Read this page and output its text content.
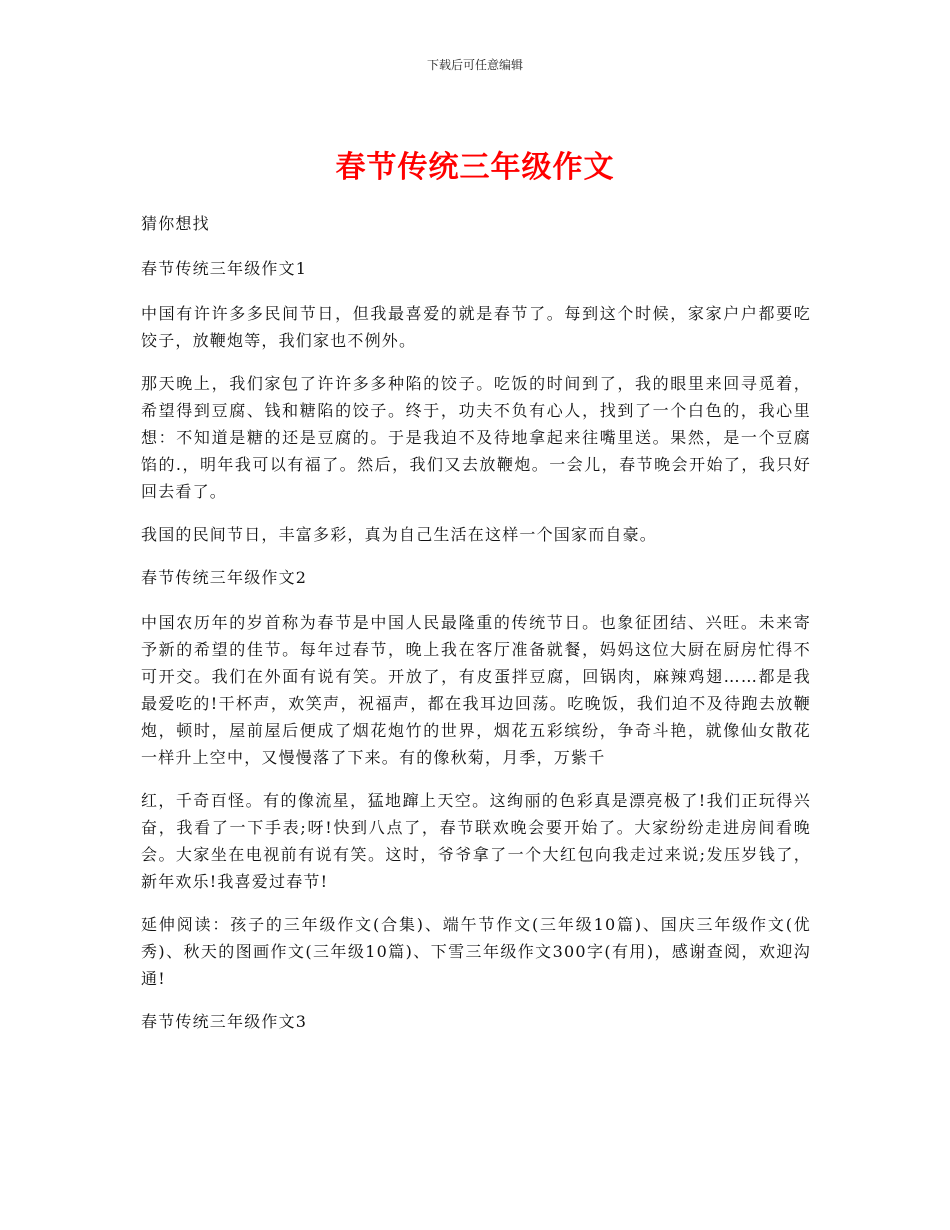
下载后可任意编辑
春节传统三年级作文

猜你想找

春节传统三年级作文1

中国有许许多多民间节日，但我最喜爱的就是春节了。每到这个时候，家家户户都要吃饺子，放鞭炮等，我们家也不例外。

那天晚上，我们家包了许许多多种陷的饺子。吃饭的时间到了，我的眼里来回寻觅着，希望得到豆腐、钱和糖陷的饺子。终于，功夫不负有心人，找到了一个白色的，我心里想：不知道是糖的还是豆腐的。于是我迫不及待地拿起来往嘴里送。果然，是一个豆腐馅的.，明年我可以有福了。然后，我们又去放鞭炮。一会儿，春节晚会开始了，我只好回去看了。

我国的民间节日，丰富多彩，真为自己生活在这样一个国家而自豪。

春节传统三年级作文2

中国农历年的岁首称为春节是中国人民最隆重的传统节日。也象征团结、兴旺。未来寄予新的希望的佳节。每年过春节，晚上我在客厅准备就餐，妈妈这位大厨在厨房忙得不可开交。我们在外面有说有笑。开放了，有皮蛋拌豆腐，回锅肉，麻辣鸡翅……都是我最爱吃的!干杯声，欢笑声，祝福声，都在我耳边回荡。吃晚饭，我们迫不及待跑去放鞭炮，顿时，屋前屋后便成了烟花炮竹的世界，烟花五彩缤纷，争奇斗艳，就像仙女散花一样升上空中，又慢慢落了下来。有的像秋菊，月季，万紫千

红，千奇百怪。有的像流星，猛地蹿上天空。这绚丽的色彩真是漂亮极了!我们正玩得兴奋，我看了一下手表;呀!快到八点了，春节联欢晚会要开始了。大家纷纷走进房间看晚会。大家坐在电视前有说有笑。这时，爷爷拿了一个大红包向我走过来说;发压岁钱了，新年欢乐!我喜爱过春节!

延伸阅读：孩子的三年级作文(合集)、端午节作文(三年级10篇)、国庆三年级作文(优秀)、秋天的图画作文(三年级10篇)、下雪三年级作文300字(有用)，感谢查阅，欢迎沟通!

春节传统三年级作文3
